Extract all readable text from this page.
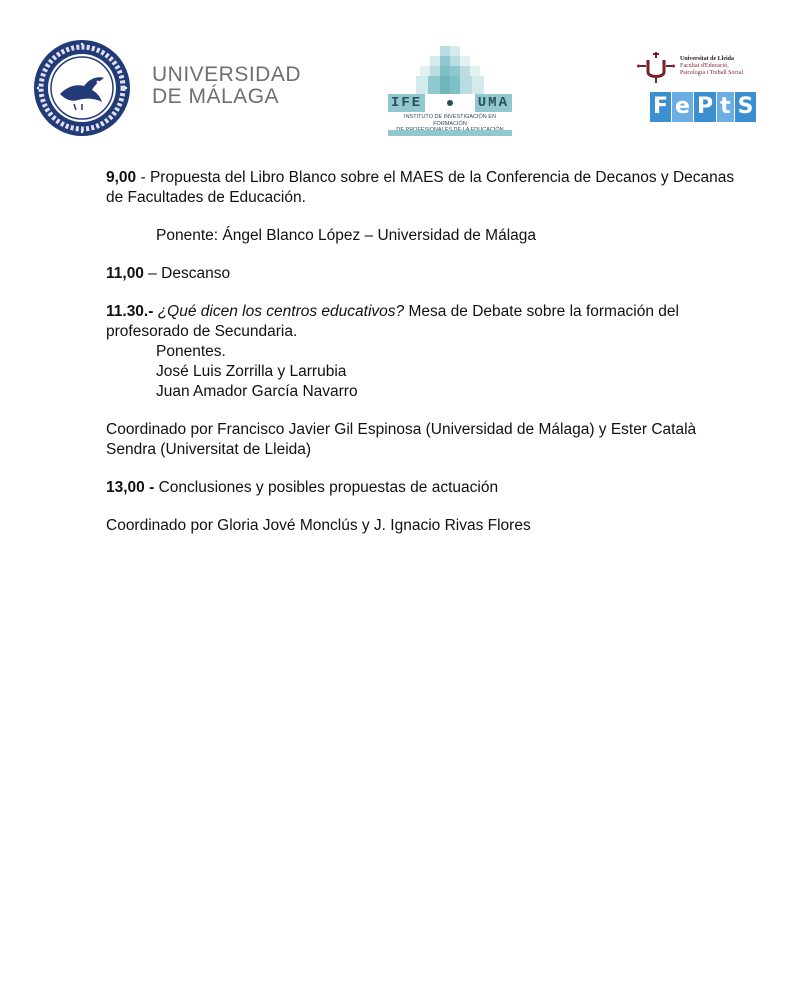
UNIVERSIDAD
DE MÁLAGA	IFE	UMA
INSTITUTO DE INVESTIGACIÓN EN FORMACIÓN
Universitat de Lleida
Facultat d'Educació,
Psicologia i Treball Social
F e P t S

9,00 - Propuesta del Libro Blanco sobre el MAES de la Conferencia de Decanos y Decanas de Facultades de Educación.

Ponente: Ángel Blanco López – Universidad de Málaga

11,00 – Descanso

11.30.- ¿Qué dicen los centros educativos? Mesa de Debate sobre la formación del profesorado de Secundaria.

Ponentes.

José Luis Zorrilla y Larrubia

Juan Amador García Navarro

Coordinado por Francisco Javier Gil Espinosa (Universidad de Málaga) y Ester Català Sendra (Universitat de Lleida)

13,00 - Conclusiones y posibles propuestas de actuación

Coordinado por Gloria Jové Monclús y J. Ignacio Rivas Flores
